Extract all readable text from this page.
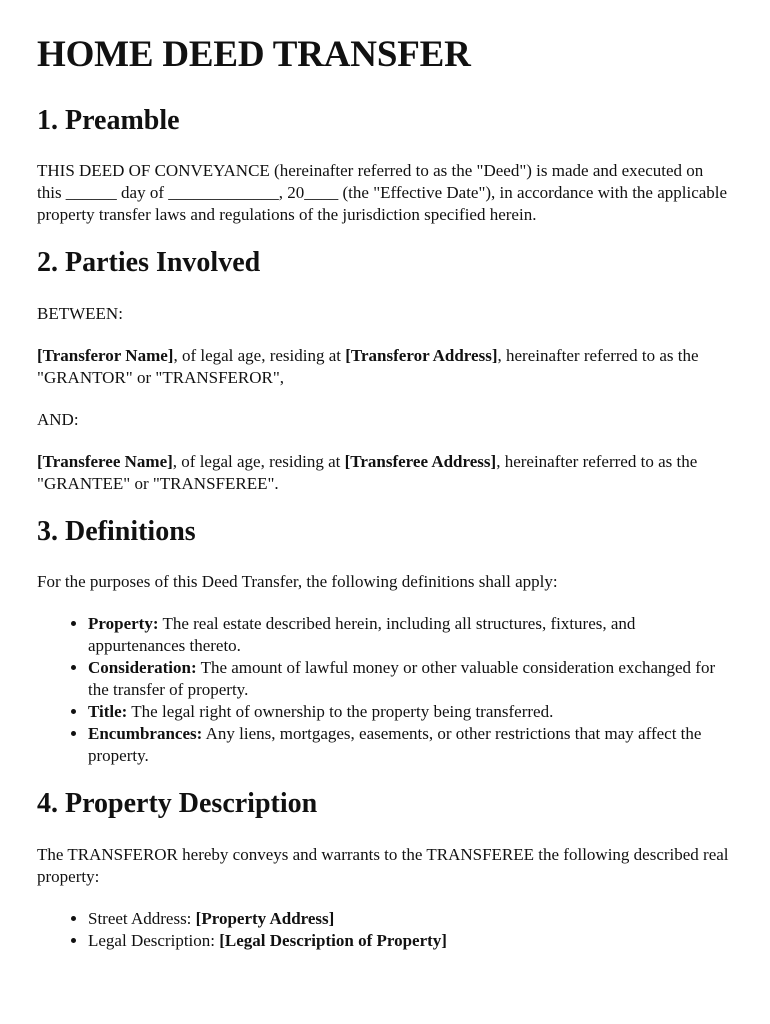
HOME DEED TRANSFER
1. Preamble

THIS DEED OF CONVEYANCE (hereinafter referred to as the "Deed") is made and executed on this ______ day of _____________, 20____ (the "Effective Date"), in accordance with the applicable property transfer laws and regulations of the jurisdiction specified herein.

2. Parties Involved

BETWEEN:

[Transferor Name], of legal age, residing at [Transferor Address], hereinafter referred to as the "GRANTOR" or "TRANSFEROR",

AND:

[Transferee Name], of legal age, residing at [Transferee Address], hereinafter referred to as the "GRANTEE" or "TRANSFEREE".

3. Definitions

For the purposes of this Deed Transfer, the following definitions shall apply:

• Property: The real estate described herein, including all structures, fixtures, and appurtenances thereto.
• Consideration: The amount of lawful money or other valuable consideration exchanged for the transfer of property.
• Title: The legal right of ownership to the property being transferred.
• Encumbrances: Any liens, mortgages, easements, or other restrictions that may affect the property.
4. Property Description

The TRANSFEROR hereby conveys and warrants to the TRANSFEREE the following described real property:

• Street Address: [Property Address]
• Legal Description: [Legal Description of Property]
